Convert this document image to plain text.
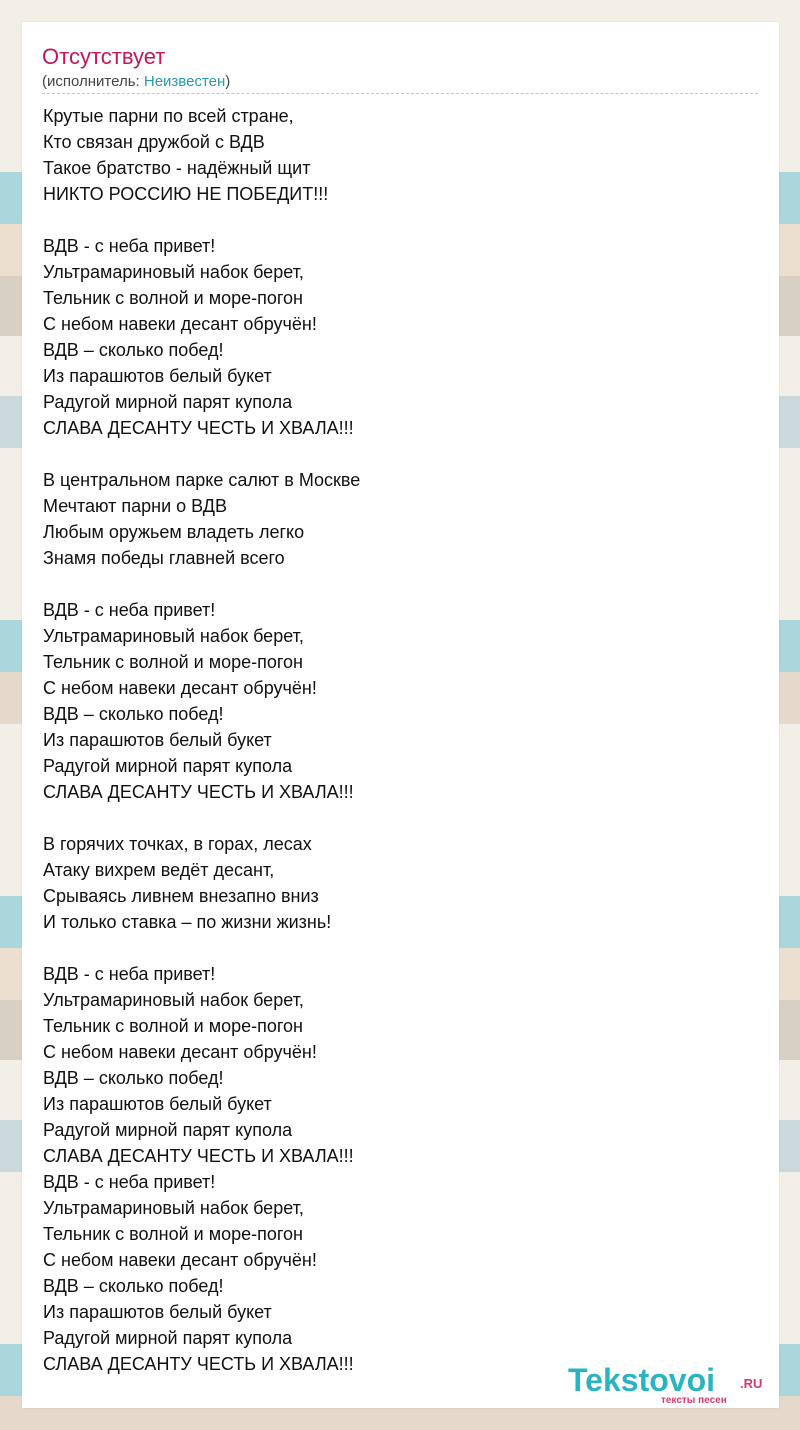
Отсутствует
(исполнитель: Неизвестен)
Крутые парни по всей стране,
Кто связан дружбой с ВДВ
Такое братство - надёжный щит
НИКТО РОССИЮ НЕ ПОБЕДИТ!!!
ВДВ - с неба привет!
Ультрамариновый набок берет,
Тельник с волной и море-погон
С небом навеки десант обручён!
ВДВ – сколько побед!
Из парашютов белый букет
Радугой мирной парят купола
СЛАВА ДЕСАНТУ ЧЕСТЬ И ХВАЛА!!!
В центральном парке салют в Москве
Мечтают парни о ВДВ
Любым оружьем владеть легко
Знамя победы главней всего
ВДВ - с неба привет!
Ультрамариновый набок берет,
Тельник с волной и море-погон
С небом навеки десант обручён!
ВДВ – сколько побед!
Из парашютов белый букет
Радугой мирной парят купола
СЛАВА ДЕСАНТУ ЧЕСТЬ И ХВАЛА!!!
В горячих точках, в горах, лесах
Атаку вихрем ведёт десант,
Срываясь ливнем внезапно вниз
И только ставка – по жизни жизнь!
ВДВ - с неба привет!
Ультрамариновый набок берет,
Тельник с волной и море-погон
С небом навеки десант обручён!
ВДВ – сколько побед!
Из парашютов белый букет
Радугой мирной парят купола
СЛАВА ДЕСАНТУ ЧЕСТЬ И ХВАЛА!!!
ВДВ - с неба привет!
Ультрамариновый набок берет,
Тельник с волной и море-погон
С небом навеки десант обручён!
ВДВ – сколько побед!
Из парашютов белый букет
Радугой мирной парят купола
СЛАВА ДЕСАНТУ ЧЕСТЬ И ХВАЛА!!!	Tekstovoi .RU
тексты песен
